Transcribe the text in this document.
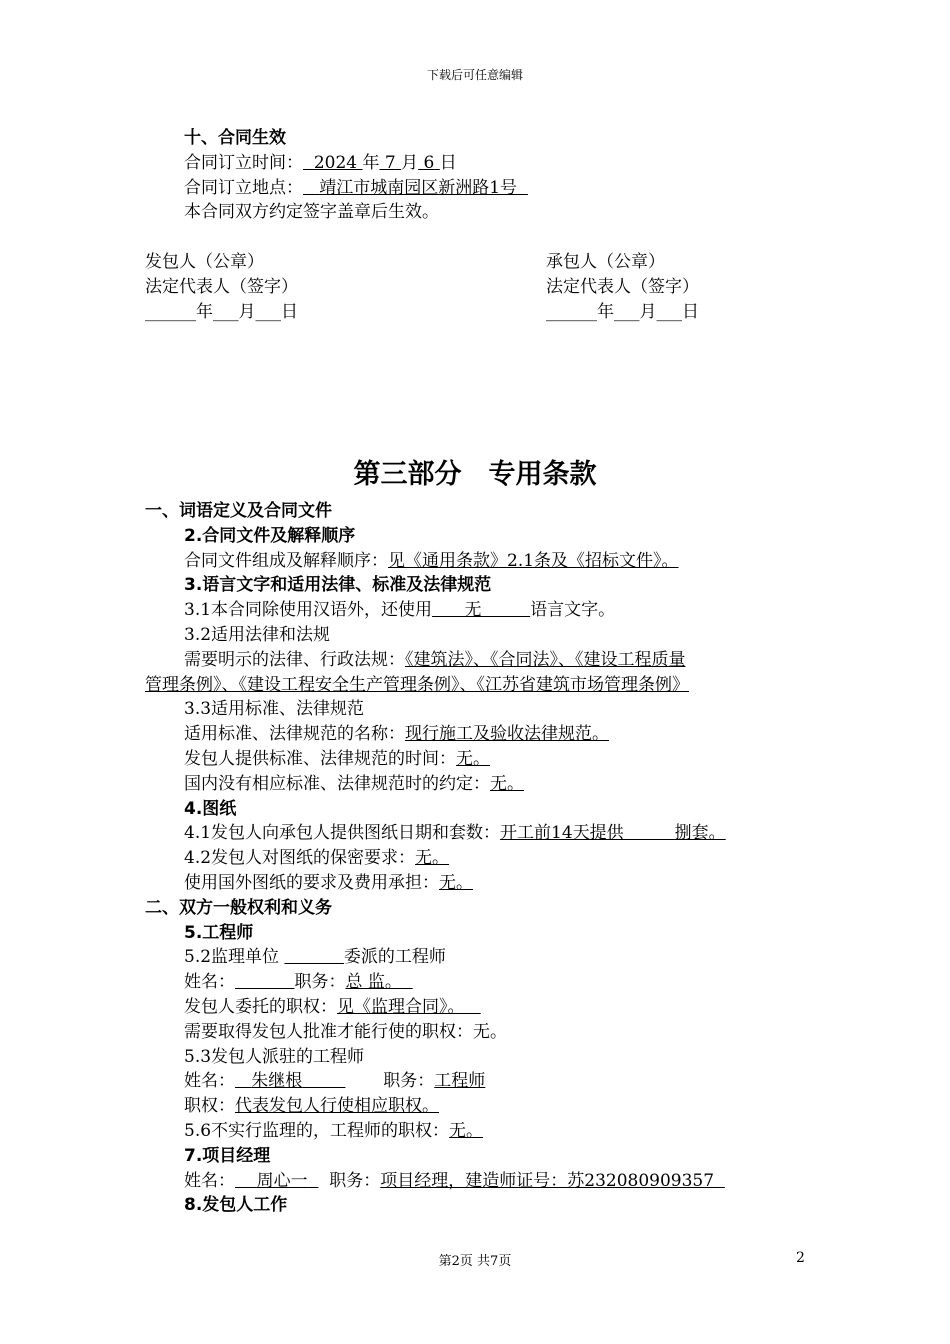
下载后可任意编辑
十、合同生效
合同订立时间： 2024 年 7 月 6 日
合同订立地点： 靖江市城南园区新洲路1号
本合同双方约定签字盖章后生效。
发包人（公章）
法定代表人（签字）
______年___月___日
承包人（公章）
法定代表人（签字）
______年___月___日
第三部分　专用条款
一、词语定义及合同文件
2.合同文件及解释顺序
合同文件组成及解释顺序：见《通用条款》2.1条及《招标文件》。
3.语言文字和适用法律、标准及法律规范
3.1本合同除使用汉语外，还使用 无	语言文字。
3.2适用法律和法规
需要明示的法律、行政法规：《建筑法》、《合同法》、《建设工程质量
管理条例》、《建设工程安全生产管理条例》、《江苏省建筑市场管理条例》
3.3适用标准、法律规范
适用标准、法律规范的名称：现行施工及验收法律规范。
发包人提供标准、法律规范的时间：无。
国内没有相应标准、法律规范时的约定：无。
4.图纸
4.1发包人向承包人提供图纸日期和套数：开工前14天提供　　　捌套。
4.2发包人对图纸的保密要求：无。
使用国外图纸的要求及费用承担：无。
二、双方一般权利和义务
5.工程师
5.2监理单位	委派的工程师
姓名：	职务：总 监。
发包人委托的职权：见《监理合同》。
需要取得发包人批准才能行使的职权：无。
5.3发包人派驻的工程师
姓名： 朱继根	职务：工程师
职权：代表发包人行使相应职权。
5.6不实行监理的，工程师的职权：无。
7.项目经理
姓名： 周心一 职务：项目经理，建造师证号：苏232080909357
8.发包人工作
第2页 共7页	2
